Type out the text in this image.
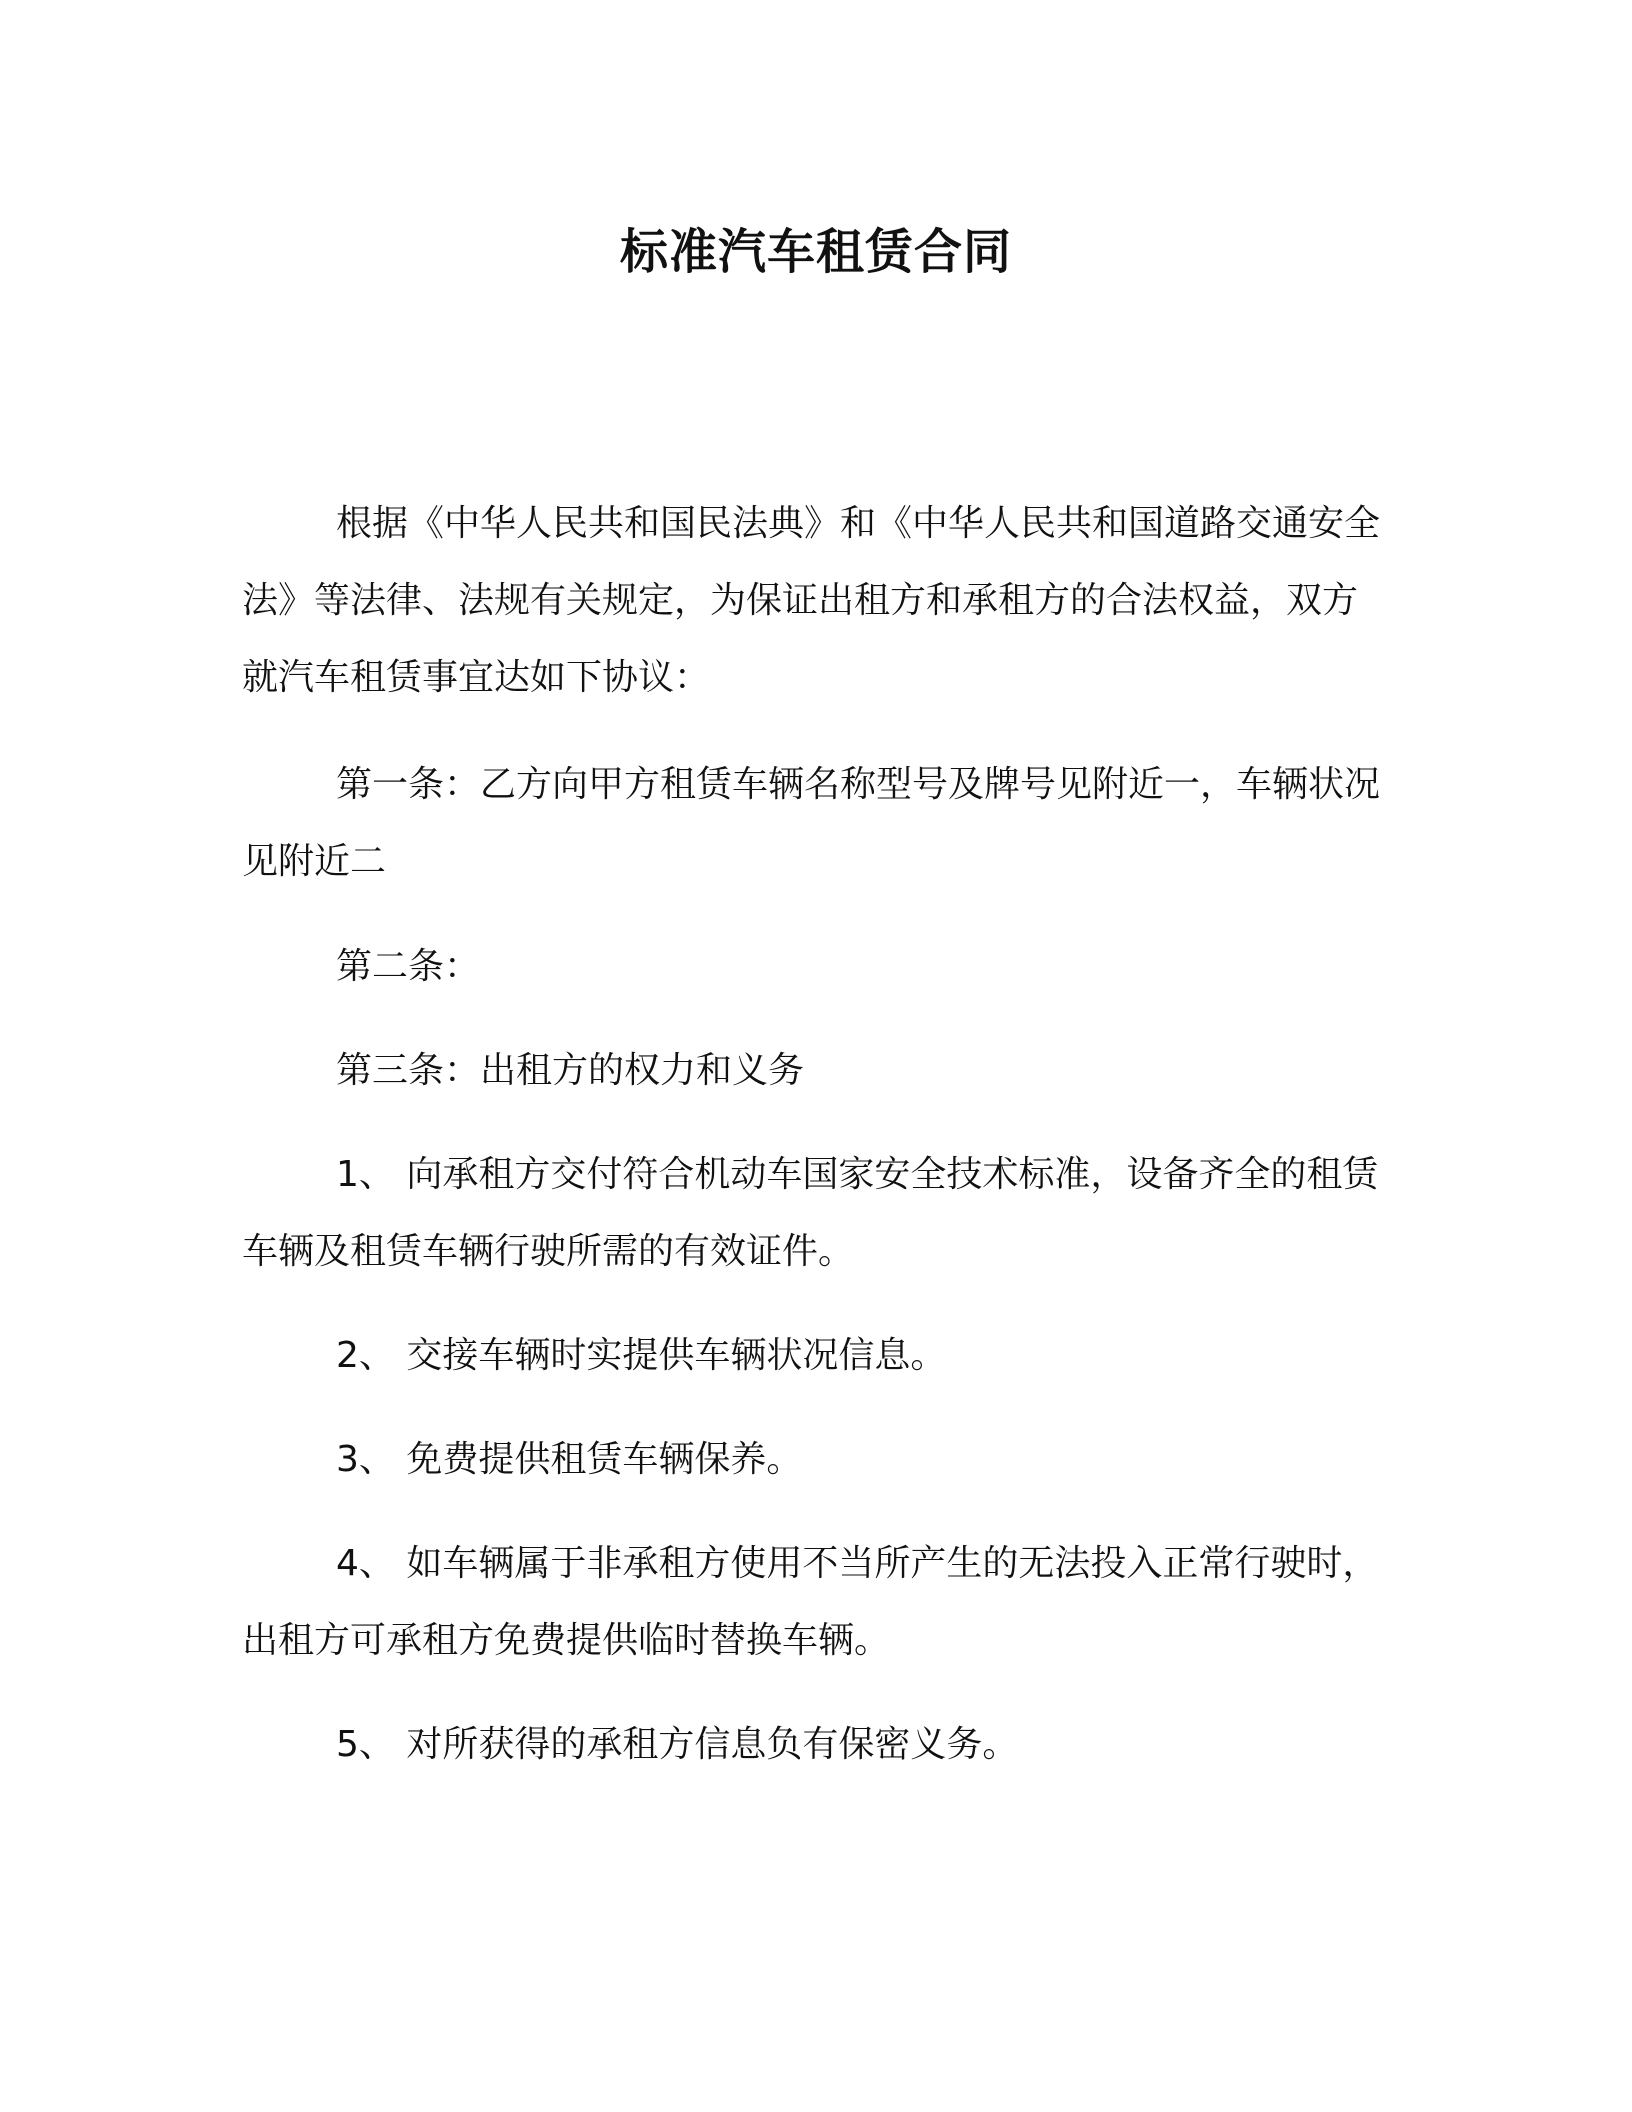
标准汽车租赁合同

根据《中华人民共和国民法典》和《中华人民共和国道路交通安全法》等法律、法规有关规定，为保证出租方和承租方的合法权益，双方就汽车租赁事宜达如下协议：

第一条：乙方向甲方租赁车辆名称型号及牌号见附近一，车辆状况见附近二

第二条：

第三条：出租方的权力和义务

1、 向承租方交付符合机动车国家安全技术标准，设备齐全的租赁车辆及租赁车辆行驶所需的有效证件。

2、 交接车辆时实提供车辆状况信息。

3、 免费提供租赁车辆保养。

4、 如车辆属于非承租方使用不当所产生的无法投入正常行驶时，出租方可承租方免费提供临时替换车辆。

5、 对所获得的承租方信息负有保密义务。
